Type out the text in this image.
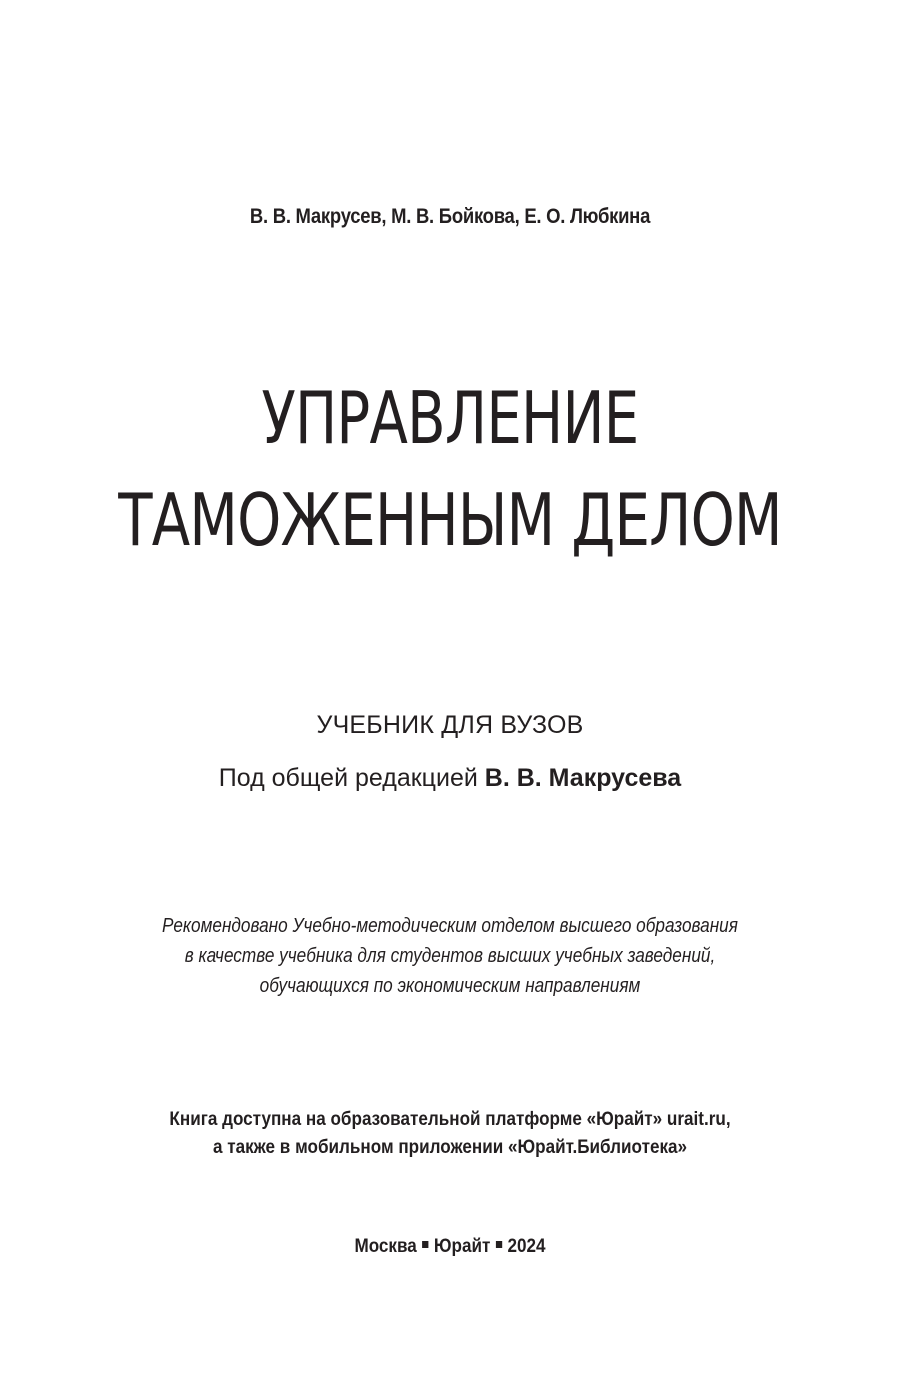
В. В. Макрусев, М. В. Бойкова, Е. О. Любкина
УПРАВЛЕНИЕ
ТАМОЖЕННЫМ ДЕЛОМ
УЧЕБНИК ДЛЯ ВУЗОВ
Под общей редакцией В. В. Макрусева
Рекомендовано Учебно-методическим отделом высшего образования
в качестве учебника для студентов высших учебных заведений,
обучающихся по экономическим направлениям
Книга доступна на образовательной платформе «Юрайт» urait.ru,
а также в мобильном приложении «Юрайт.Библиотека»
Москва Юрайт 2024
